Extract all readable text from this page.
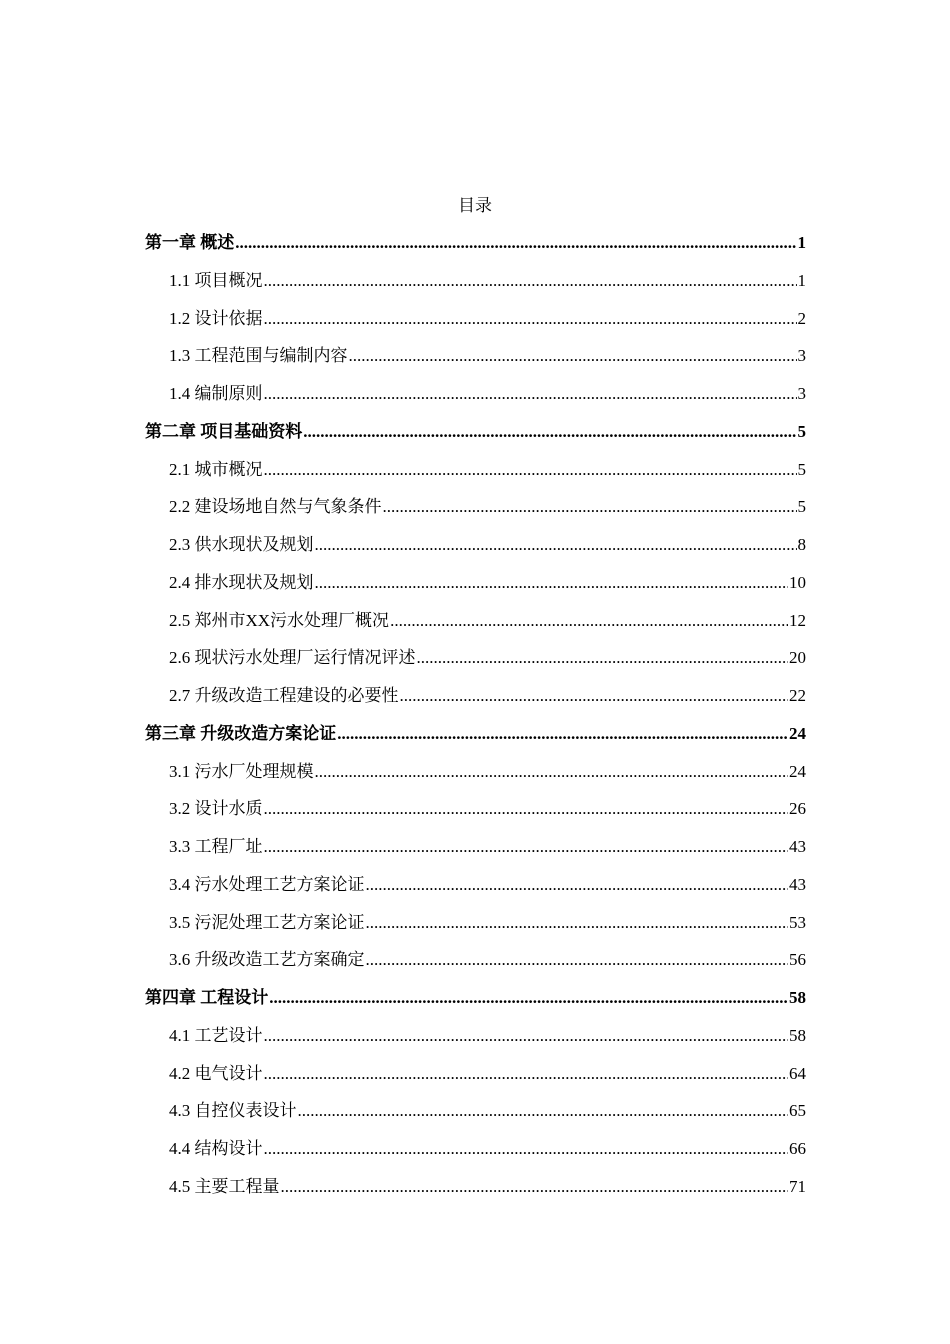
目录
第一章 概述 .....	1
1.1 项目概况 .....	1
1.2 设计依据 .....	2
1.3 工程范围与编制内容 .....	3
1.4 编制原则 .....	3
第二章 项目基础资料 .....	5
2.1 城市概况 .....	5
2.2 建设场地自然与气象条件 .....	5
2.3 供水现状及规划 .....	8
2.4 排水现状及规划 .....	10
2.5 郑州市XX污水处理厂概况 .....	12
2.6 现状污水处理厂运行情况评述 .....	20
2.7 升级改造工程建设的必要性 .....	22
第三章 升级改造方案论证 .....	24
3.1 污水厂处理规模 .....	24
3.2 设计水质 .....	26
3.3 工程厂址 .....	43
3.4 污水处理工艺方案论证 .....	43
3.5 污泥处理工艺方案论证 .....	53
3.6 升级改造工艺方案确定 .....	56
第四章 工程设计 .....	58
4.1 工艺设计 .....	58
4.2 电气设计 .....	64
4.3 自控仪表设计 .....	65
4.4 结构设计 .....	66
4.5 主要工程量 .....	71
